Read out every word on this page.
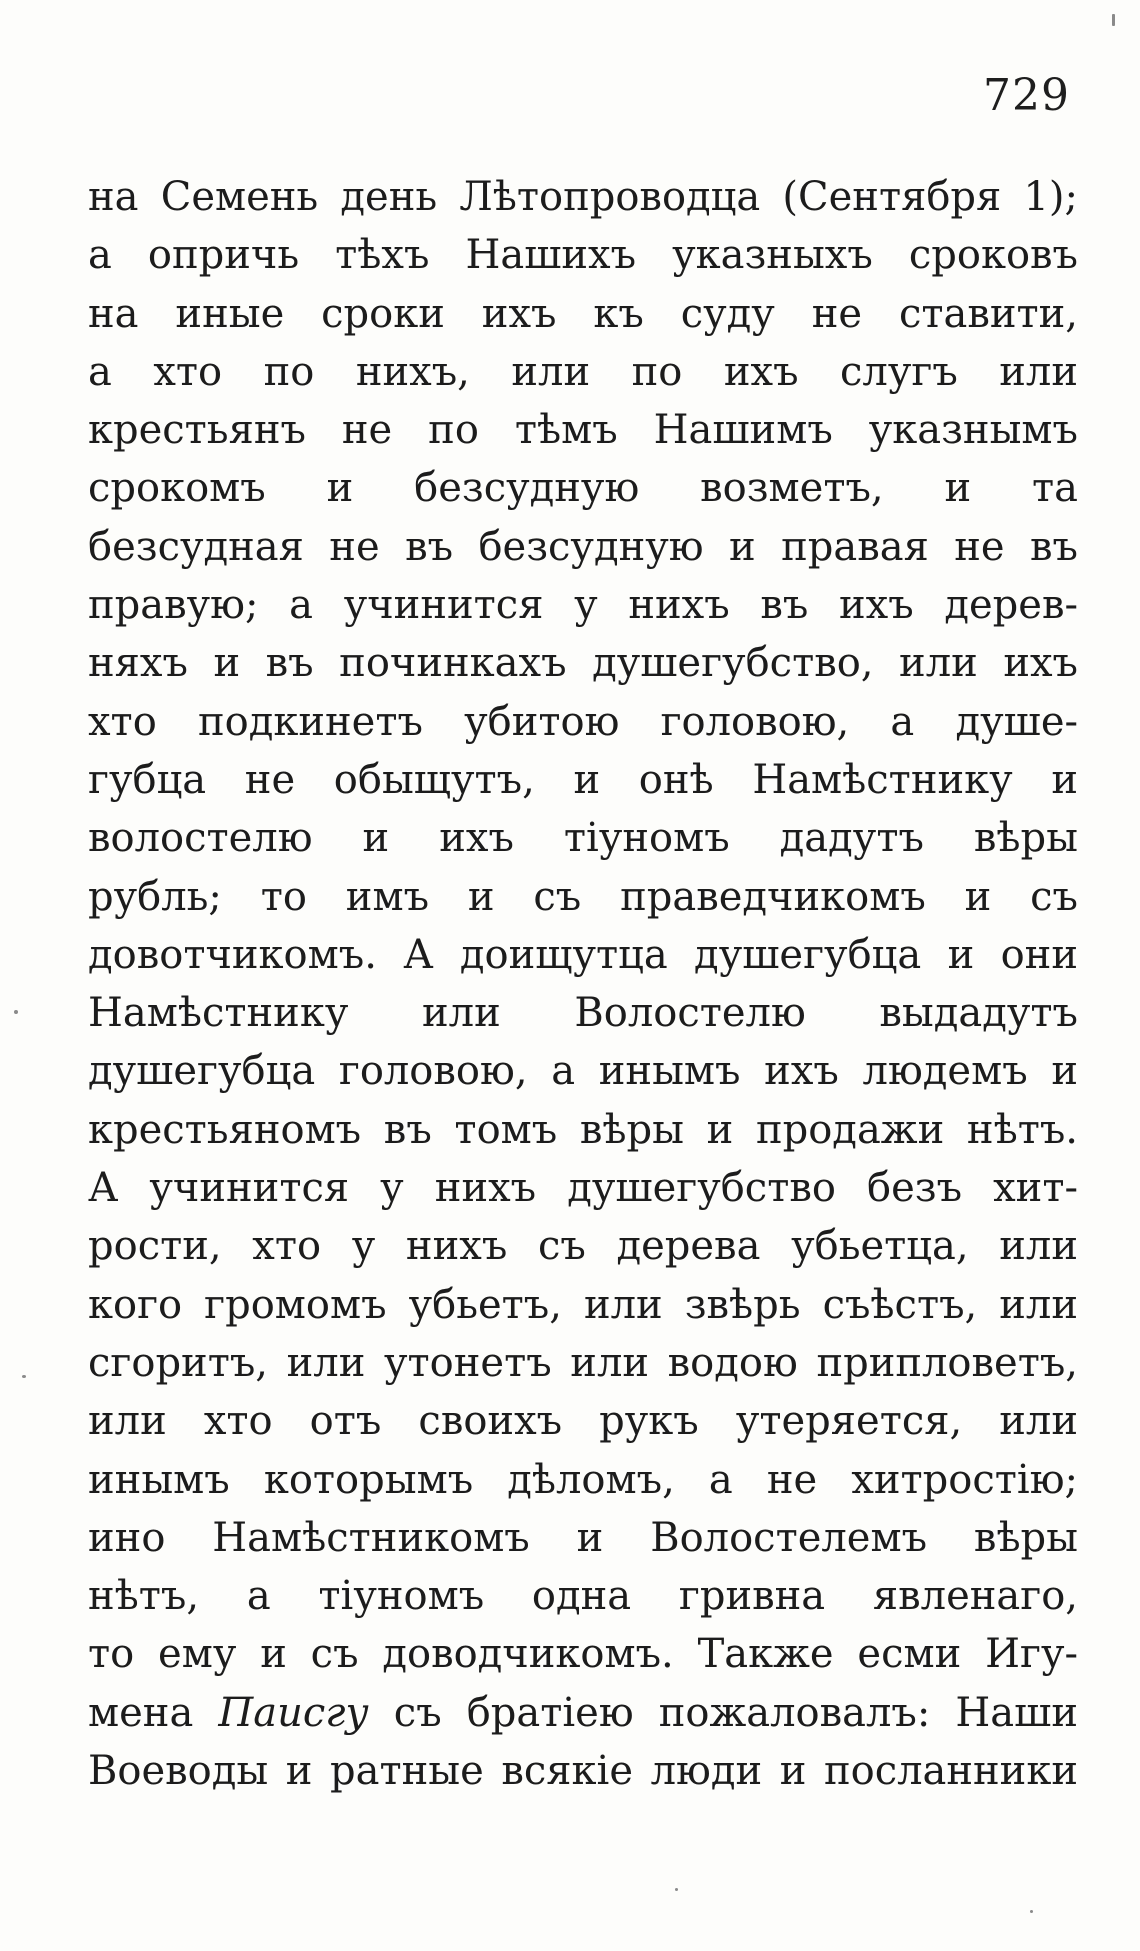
729
на Семень день Лѣтопроводца (Сентября 1);
а опричь тѣхъ Нашихъ указныхъ сроковъ
на иные сроки ихъ къ суду не ставити,
а хто по нихъ, или по ихъ слугъ или
крестьянъ не по тѣмъ Нашимъ указнымъ
срокомъ и безсудную возметъ, и та
безсудная не въ безсудную и правая не въ
правую; а учинится у нихъ въ ихъ дерев-
няхъ и въ починкахъ душегубство, или ихъ
хто подкинетъ убитою головою, а душе-
губца не обыщутъ, и онѣ Намѣстнику и
волостелю и ихъ тіуномъ дадутъ вѣры
рубль; то имъ и съ праведчикомъ и съ
довотчикомъ. А доищутца душегубца и они
Намѣстнику или Волостелю выдадутъ
душегубца головою, а инымъ ихъ людемъ и
крестьяномъ въ томъ вѣры и продажи нѣтъ.
А учинится у нихъ душегубство безъ хит-
рости, хто у нихъ съ дерева убьетца, или
кого громомъ убьетъ, или звѣрь съѣстъ, или
сгоритъ, или утонетъ или водою припловетъ,
или хто отъ своихъ рукъ утеряется, или
инымъ которымъ дѣломъ, а не хитростію;
ино Намѣстникомъ и Волостелемъ вѣры
нѣтъ, а тіуномъ одна гривна явленаго,
то ему и съ доводчикомъ. Также есми Игу-
мена Паисгу съ братіею пожаловалъ: Наши
Воеводы и ратные всякіе люди и посланники
